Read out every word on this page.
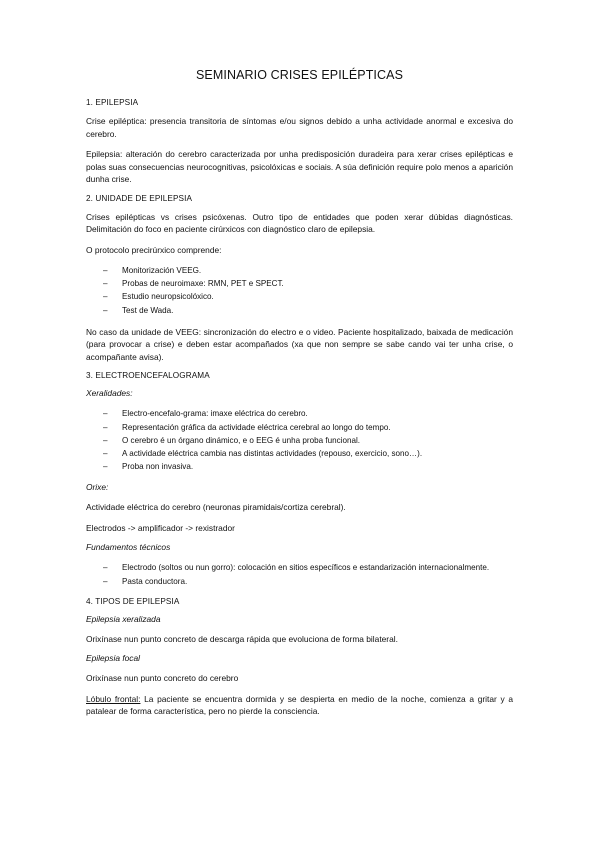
SEMINARIO CRISES EPILÉPTICAS
1. EPILEPSIA

Crise epiléptica: presencia transitoria de síntomas e/ou signos debido a unha actividade anormal e excesiva do cerebro.

Epilepsia: alteración do cerebro caracterizada por unha predisposición duradeira para xerar crises epilépticas e polas suas consecuencias neurocognitivas, psicolóxicas e sociais. A súa definición require polo menos a aparición dunha crise.

2. UNIDADE DE EPILEPSIA

Crises epilépticas vs crises psicóxenas. Outro tipo de entidades que poden xerar dúbidas diagnósticas. Delimitación do foco en paciente cirúrxicos con diagnóstico claro de epilepsia.

O protocolo precirúrxico comprende:

– Monitorización VEEG.
– Probas de neuroimaxe: RMN, PET e SPECT.
– Estudio neuropsicolóxico.
– Test de Wada.

No caso da unidade de VEEG: sincronización do electro e o video. Paciente hospitalizado, baixada de medicación (para provocar a crise) e deben estar acompañados (xa que non sempre se sabe cando vai ter unha crise, o acompañante avisa).

3. ELECTROENCEFALOGRAMA
Xeralidades:
– Electro-encefalo-grama: imaxe eléctrica do cerebro.
– Representación gráfica da actividade eléctrica cerebral ao longo do tempo.
– O cerebro é un órgano dinámico, e o EEG é unha proba funcional.
– A actividade eléctrica cambia nas distintas actividades (repouso, exercicio, sono…).
– Proba non invasiva.
Orixe:

Actividade eléctrica do cerebro (neuronas piramidais/cortiza cerebral).

Electrodos -> amplificador -> rexistrador

Fundamentos técnicos
– Electrodo (soltos ou nun gorro): colocación en sitios específicos e estandarización internacionalmente.
– Pasta conductora.
4. TIPOS DE EPILEPSIA
Epilepsia xeralizada

Orixínase nun punto concreto de descarga rápida que evoluciona de forma bilateral.

Epilepsia focal

Orixínase nun punto concreto do cerebro

Lóbulo frontal: La paciente se encuentra dormida y se despierta en medio de la noche, comienza a gritar y a patalear de forma característica, pero no pierde la consciencia.
